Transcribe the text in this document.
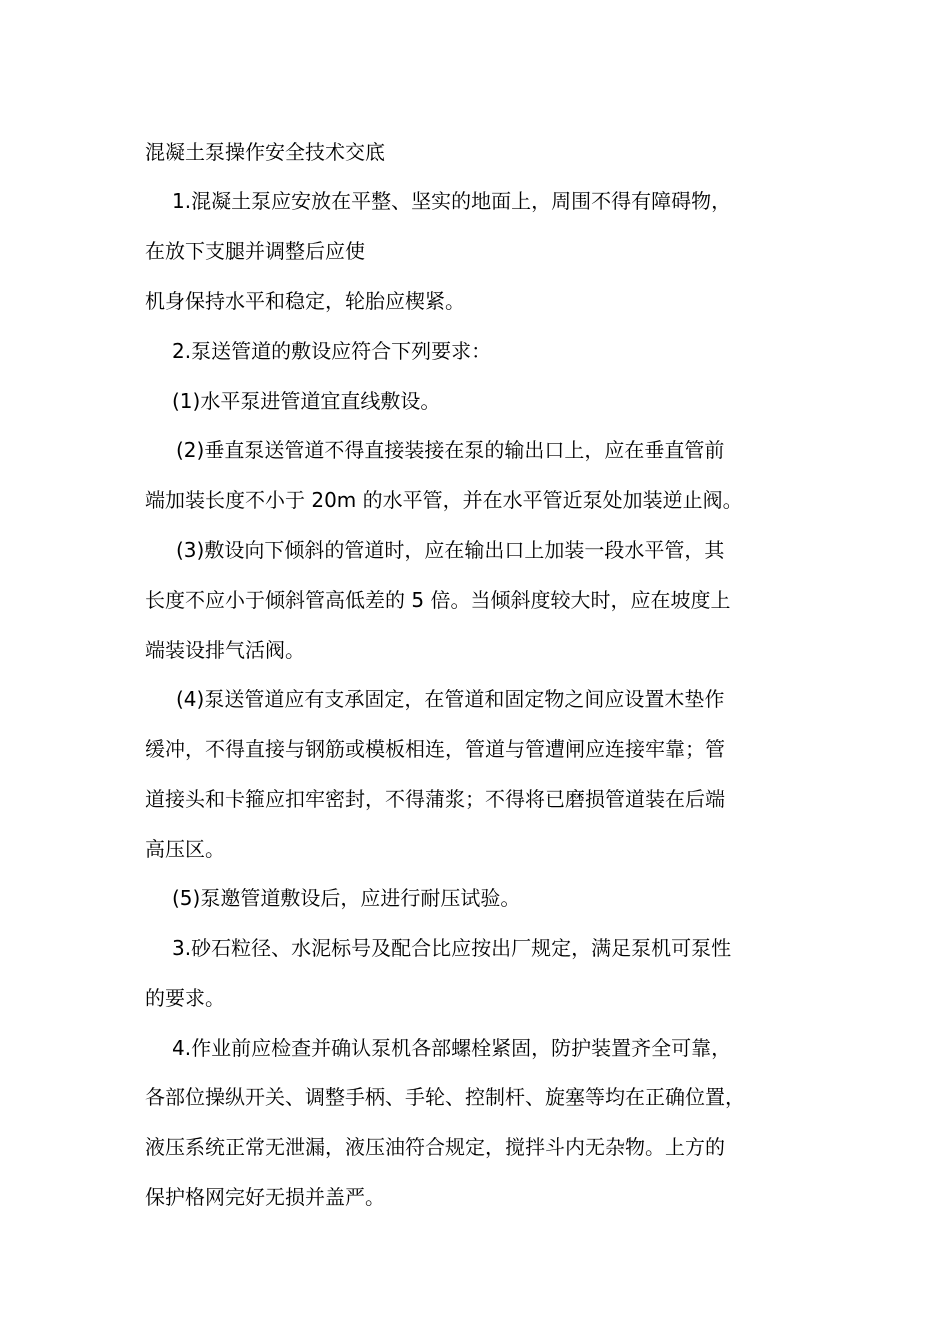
混凝土泵操作安全技术交底
1.混凝土泵应安放在平整、坚实的地面上，周围不得有障碍物，
在放下支腿并调整后应使
机身保持水平和稳定，轮胎应楔紧。
2.泵送管道的敷设应符合下列要求：
(1)水平泵进管道宜直线敷设。
(2)垂直泵送管道不得直接装接在泵的输出口上，应在垂直管前
端加装长度不小于 20m 的水平管，并在水平管近泵处加装逆止阀。
(3)敷设向下倾斜的管道时，应在输出口上加装一段水平管，其
长度不应小于倾斜管高低差的 5 倍。当倾斜度较大时，应在坡度上
端装设排气活阀。
(4)泵送管道应有支承固定，在管道和固定物之间应设置木垫作
缓冲，不得直接与钢筋或模板相连，管道与管遭闸应连接牢靠；管
道接头和卡箍应扣牢密封，不得蒲浆；不得将已磨损管道装在后端
高压区。
(5)泵邀管道敷设后，应进行耐压试验。
3.砂石粒径、水泥标号及配合比应按出厂规定，满足泵机可泵性
的要求。
4.作业前应检查并确认泵机各部螺栓紧固，防护装置齐全可靠，
各部位操纵开关、调整手柄、手轮、控制杆、旋塞等均在正确位置，
液压系统正常无泄漏，液压油符合规定，搅拌斗内无杂物。上方的
保护格网完好无损并盖严。
